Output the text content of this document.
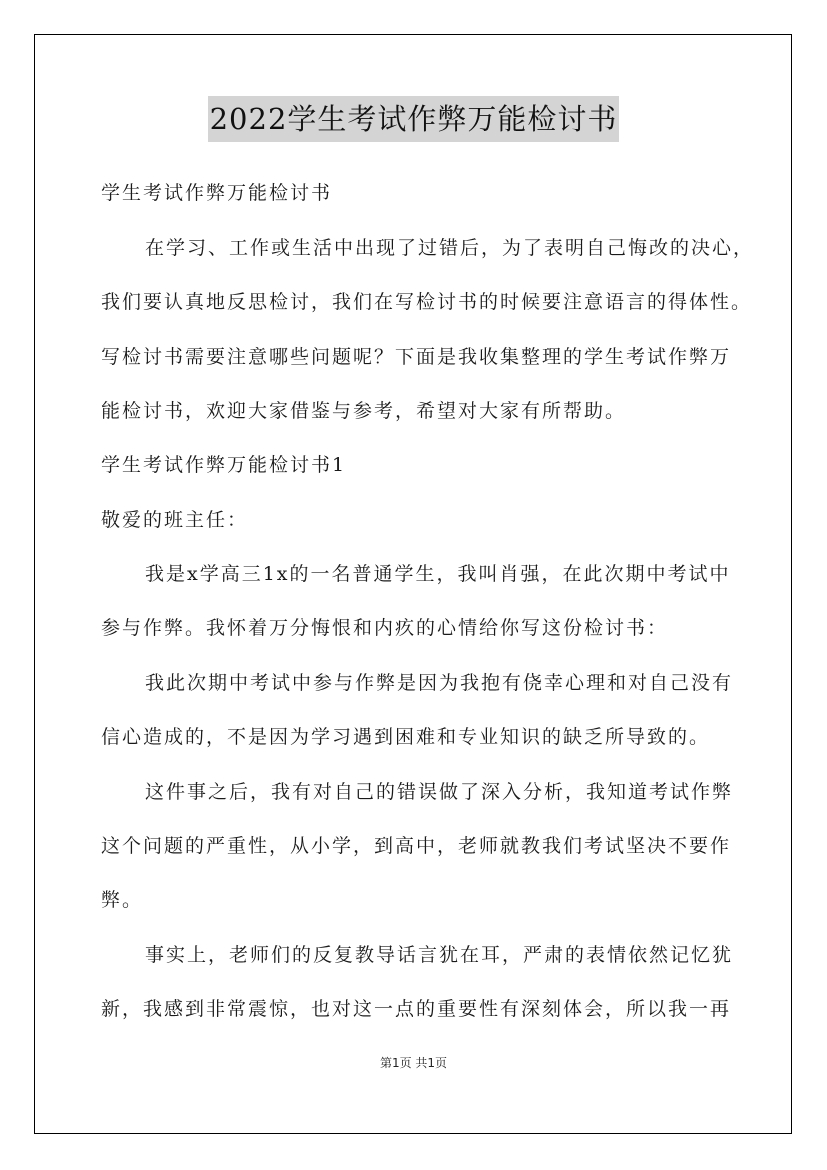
2022学生考试作弊万能检讨书
学生考试作弊万能检讨书
在学习、工作或生活中出现了过错后，为了表明自己悔改的决心，
我们要认真地反思检讨，我们在写检讨书的时候要注意语言的得体性。
写检讨书需要注意哪些问题呢？下面是我收集整理的学生考试作弊万
能检讨书，欢迎大家借鉴与参考，希望对大家有所帮助。
学生考试作弊万能检讨书1
敬爱的班主任：
我是x学高三1x的一名普通学生，我叫肖强，在此次期中考试中
参与作弊。我怀着万分悔恨和内疚的心情给你写这份检讨书：
我此次期中考试中参与作弊是因为我抱有侥幸心理和对自己没有
信心造成的，不是因为学习遇到困难和专业知识的缺乏所导致的。
这件事之后，我有对自己的错误做了深入分析，我知道考试作弊
这个问题的严重性，从小学，到高中，老师就教我们考试坚决不要作
弊。
事实上，老师们的反复教导话言犹在耳，严肃的表情依然记忆犹
新，我感到非常震惊，也对这一点的重要性有深刻体会，所以我一再
第1页 共1页
